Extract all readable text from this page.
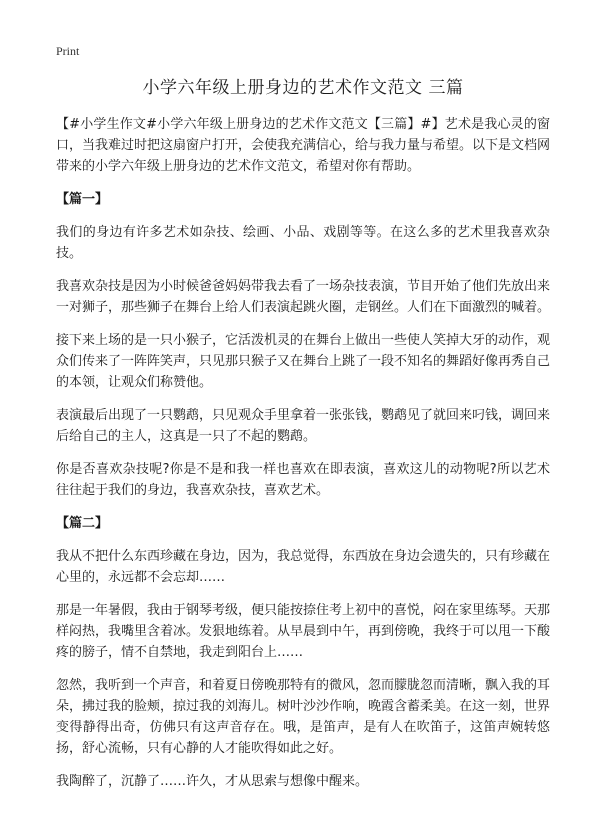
Print
小学六年级上册身边的艺术作文范文 三篇

【#小学生作文#小学六年级上册身边的艺术作文范文【三篇】#】艺术是我心灵的窗口，当我难过时把这扇窗户打开，会使我充满信心，给与我力量与希望。以下是文档网带来的小学六年级上册身边的艺术作文范文，希望对你有帮助。

【篇一】

我们的身边有许多艺术如杂技、绘画、小品、戏剧等等。在这么多的艺术里我喜欢杂技。

我喜欢杂技是因为小时候爸爸妈妈带我去看了一场杂技表演，节目开始了他们先放出来一对狮子，那些狮子在舞台上给人们表演起跳火圈，走钢丝。人们在下面激烈的喊着。

接下来上场的是一只小猴子，它活泼机灵的在舞台上做出一些使人笑掉大牙的动作，观众们传来了一阵阵笑声，只见那只猴子又在舞台上跳了一段不知名的舞蹈好像再秀自己的本领，让观众们称赞他。

表演最后出现了一只鹦鹉，只见观众手里拿着一张张钱，鹦鹉见了就回来叼钱，调回来后给自己的主人，这真是一只了不起的鹦鹉。

你是否喜欢杂技呢?你是不是和我一样也喜欢在即表演，喜欢这儿的动物呢?所以艺术往往起于我们的身边，我喜欢杂技，喜欢艺术。

【篇二】

我从不把什么东西珍藏在身边，因为，我总觉得，东西放在身边会遗失的，只有珍藏在心里的，永远都不会忘却……

那是一年暑假，我由于钢琴考级，便只能按捺住考上初中的喜悦，闷在家里练琴。天那样闷热，我嘴里含着冰。发狠地练着。从早晨到中午，再到傍晚，我终于可以甩一下酸疼的膀子，情不自禁地，我走到阳台上……

忽然，我听到一个声音，和着夏日傍晚那特有的微风，忽而朦胧忽而清晰，飘入我的耳朵，拂过我的脸颊，掠过我的刘海儿。树叶沙沙作响，晚霞含蓄柔美。在这一刻，世界变得静得出奇，仿佛只有这声音存在。哦，是笛声，是有人在吹笛子，这笛声婉转悠扬，舒心流畅，只有心静的人才能吹得如此之好。

我陶醉了，沉静了……许久，才从思索与想像中醒来。
